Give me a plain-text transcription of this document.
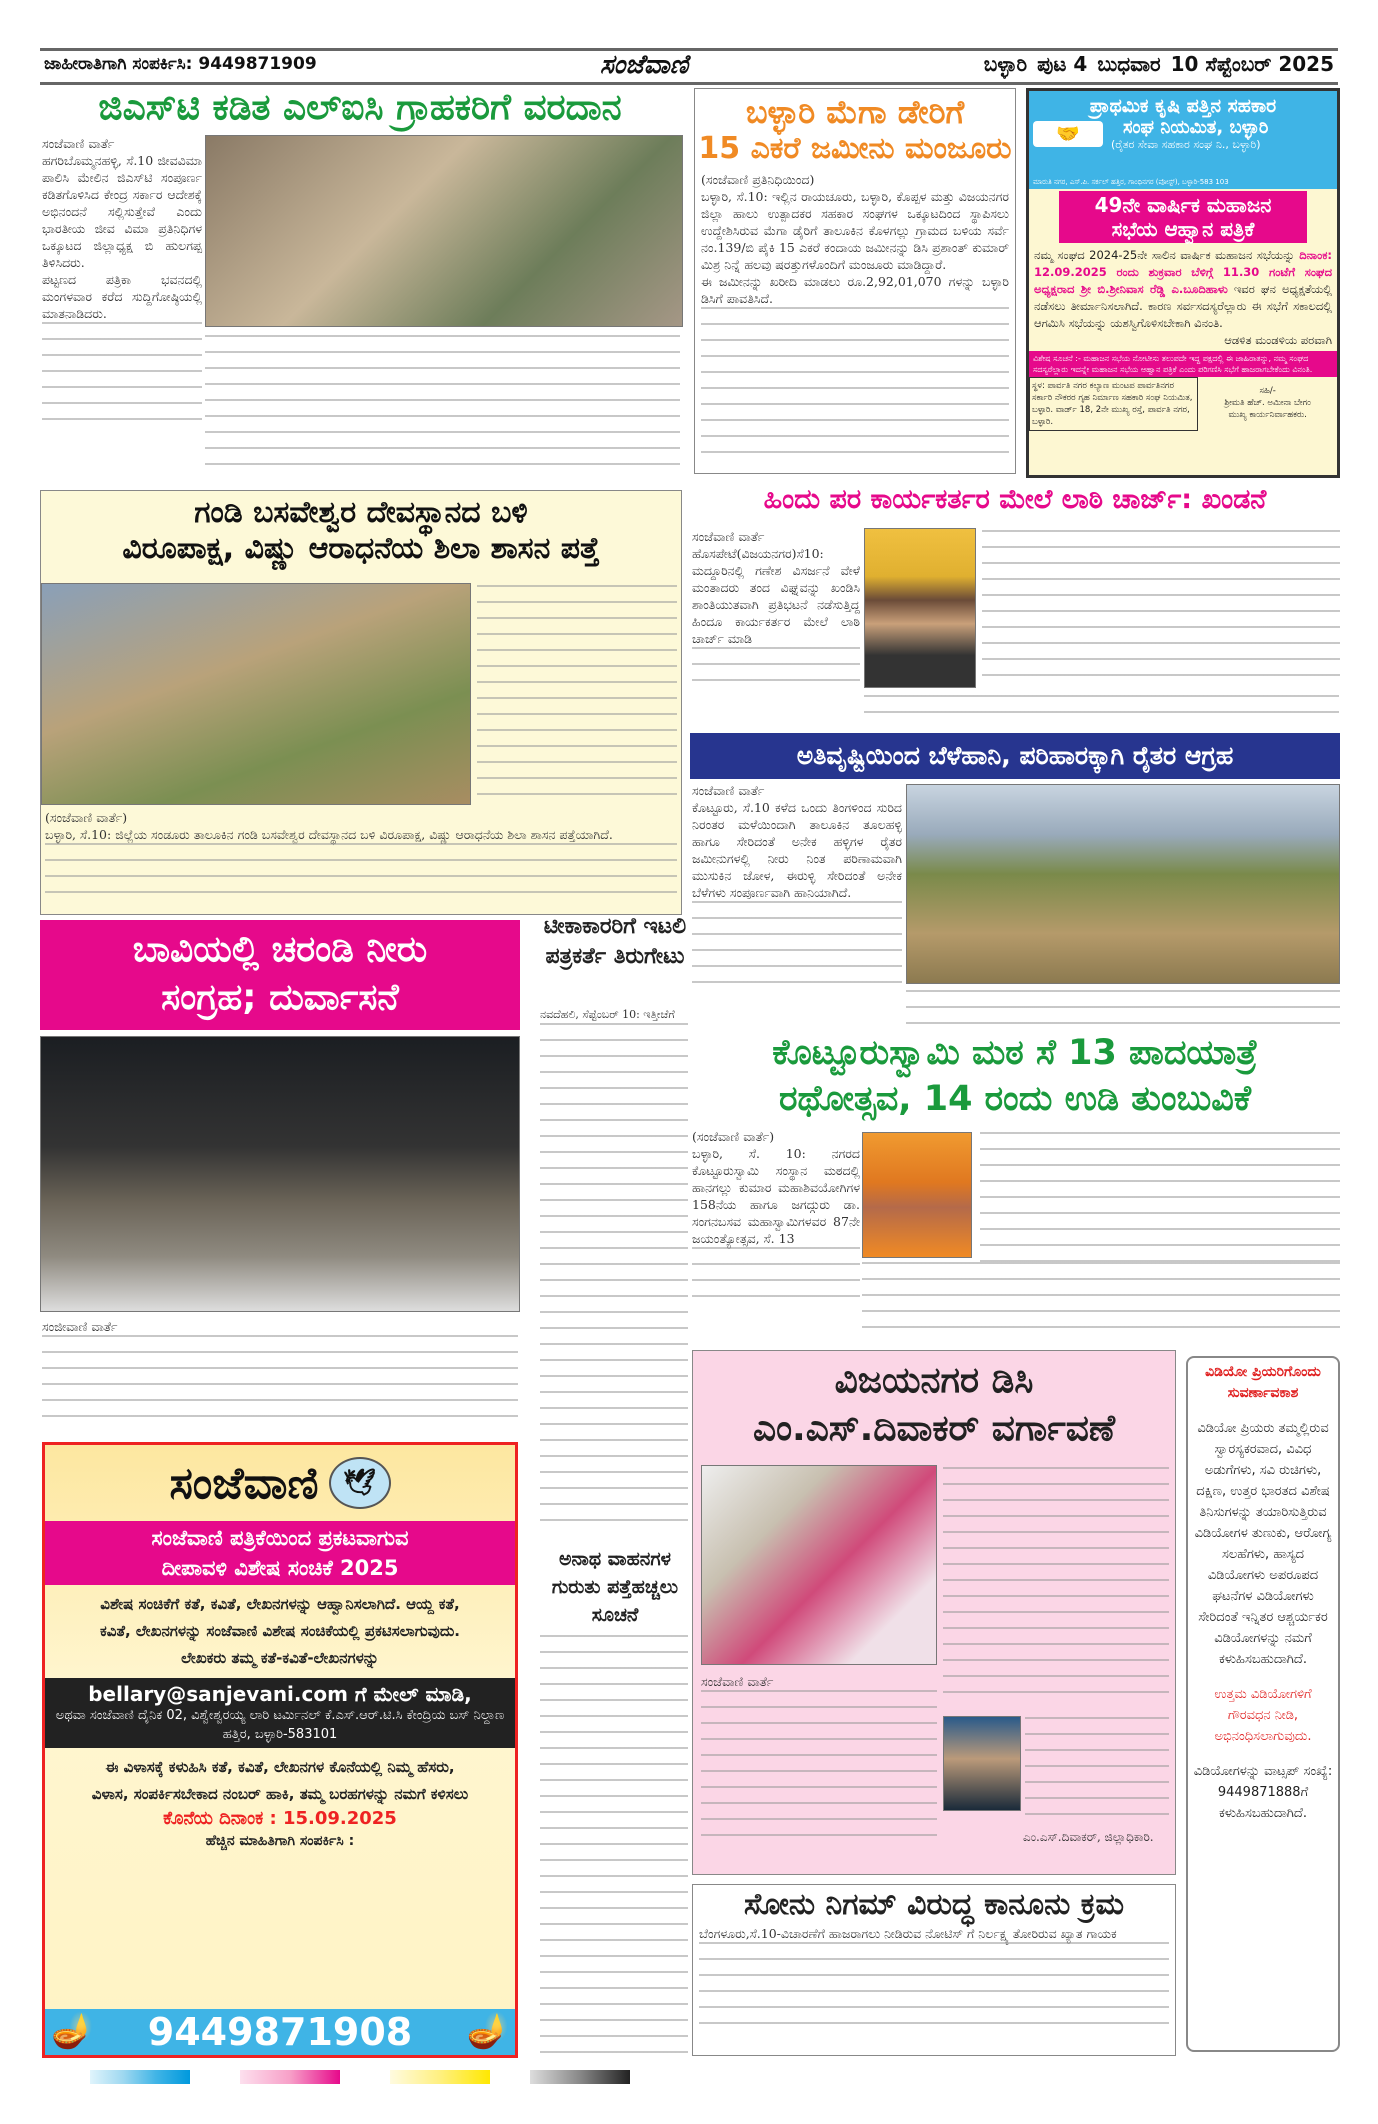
ಜಾಹೀರಾತಿಗಾಗಿ ಸಂಪರ್ಕಿಸಿ: 9449871909	ಸಂಜೆವಾಣಿ	ಬಳ್ಳಾರಿ ಪುಟ 4 ಬುಧವಾರ 10 ಸೆಪ್ಟೆಂಬರ್ 2025
ಜಿಎಸ್‌ಟಿ ಕಡಿತ ಎಲ್‌ಐಸಿ ಗ್ರಾಹಕರಿಗೆ ವರದಾನ
ಸಂಜೆವಾಣಿ ವಾರ್ತೆ

ಹಗರಿಬೊಮ್ಮನಹಳ್ಳಿ, ಸೆ.10 ಜೀವವಿಮಾ ಪಾಲಿಸಿ ಮೇಲಿನ ಜಿಎಸ್‌ಟಿ ಸಂಪೂರ್ಣ ಕಡಿತಗೊಳಿಸಿದ ಕೇಂದ್ರ ಸರ್ಕಾರ ಆದೇಶಕ್ಕೆ ಅಭಿನಂದನೆ ಸಲ್ಲಿಸುತ್ತೇವೆ ಎಂದು ಭಾರತೀಯ ಜೀವ ವಿಮಾ ಪ್ರತಿನಿಧಿಗಳ ಒಕ್ಕೂಟದ ಜಿಲ್ಲಾಧ್ಯಕ್ಷ ಬಿ ಹುಲಗಪ್ಪ ತಿಳಿಸಿದರು.

ಪಟ್ಟಣದ ಪತ್ರಿಕಾ ಭವನದಲ್ಲಿ ಮಂಗಳವಾರ ಕರೆದ ಸುದ್ದಿಗೋಷ್ಠಿಯಲ್ಲಿ ಮಾತನಾಡಿದರು.

ಬಳ್ಳಾರಿ ಮೆಗಾ ಡೇರಿಗೆ
15 ಎಕರೆ ಜಮೀನು ಮಂಜೂರು
(ಸಂಜೆವಾಣಿ ಪ್ರತಿನಿಧಿಯಿಂದ)

ಬಳ್ಳಾರಿ, ಸೆ.10: ಇಲ್ಲಿನ ರಾಯಚೂರು, ಬಳ್ಳಾರಿ, ಕೊಪ್ಪಳ ಮತ್ತು ವಿಜಯನಗರ ಜಿಲ್ಲಾ ಹಾಲು ಉತ್ಪಾದಕರ ಸಹಕಾರ ಸಂಘಗಳ ಒಕ್ಕೂಟದಿಂದ ಸ್ಥಾಪಿಸಲು ಉದ್ದೇಶಿಸಿರುವ ಮೆಗಾ ಡೈರಿಗೆ ತಾಲೂಕಿನ ಕೊಳಗಲ್ಲು ಗ್ರಾಮದ ಬಳಿಯ ಸರ್ವೆ ನಂ.139/ಬಿ ಪೈಕಿ 15 ಎಕರೆ ಕಂದಾಯ ಜಮೀನನ್ನು ಡಿಸಿ ಪ್ರಶಾಂತ್ ಕುಮಾರ್ ಮಿಶ್ರ ನಿನ್ನೆ ಹಲವು ಷರತ್ತುಗಳೊಂದಿಗೆ ಮಂಜೂರು ಮಾಡಿದ್ದಾರೆ.

ಈ ಜಮೀನನ್ನು ಖರೀದಿ ಮಾಡಲು ರೂ.2,92,01,070 ಗಳನ್ನು ಬಳ್ಳಾರಿ ಡಿಸಿಗೆ ಪಾವತಿಸಿದೆ.

ಪ್ರಾಥಮಿಕ ಕೃಷಿ ಪತ್ತಿನ ಸಹಕಾರ
ಸಂಘ ನಿಯಮಿತ, ಬಳ್ಳಾರಿ
(ರೈತರ ಸೇವಾ ಸಹಕಾರ ಸಂಘ ನಿ., ಬಳ್ಳಾರಿ)
🤝
ಮಾರುತಿ ನಗರ, ಎಸ್.ಪಿ. ಸರ್ಕಲ್ ಹತ್ತಿರ, ಗಾಂಧಿನಗರ (ಪೋಸ್ಟ್), ಬಳ್ಳಾರಿ-583 103
49ನೇ ವಾರ್ಷಿಕ ಮಹಾಜನ
ಸಭೆಯ ಆಹ್ವಾನ ಪತ್ರಿಕೆ
ನಮ್ಮ ಸಂಘದ 2024-25ನೇ ಸಾಲಿನ ವಾರ್ಷಿಕ ಮಹಾಜನ ಸಭೆಯನ್ನು ದಿನಾಂಕ: 12.09.2025 ರಂದು ಶುಕ್ರವಾರ ಬೆಳಿಗ್ಗೆ 11.30 ಗಂಟೆಗೆ ಸಂಘದ ಅಧ್ಯಕ್ಷರಾದ ಶ್ರೀ ಬಿ.ಶ್ರೀನಿವಾಸ ರೆಡ್ಡಿ ಎ.ಬೂದಿಹಾಳು ಇವರ ಘನ ಅಧ್ಯಕ್ಷತೆಯಲ್ಲಿ ನಡೆಸಲು ತೀರ್ಮಾನಿಸಲಾಗಿದೆ. ಕಾರಣ ಸರ್ವಸದಸ್ಯರೆಲ್ಲಾರು ಈ ಸಭೆಗೆ ಸಕಾಲದಲ್ಲಿ ಆಗಮಿಸಿ ಸಭೆಯನ್ನು ಯಶಸ್ವಿಗೊಳಿಸಬೇಕಾಗಿ ವಿನಂತಿ.
ಆಡಳಿತ ಮಂಡಳಿಯ ಪರವಾಗಿ
ವಿಶೇಷ ಸೂಚನೆ :- ಮಹಾಜನ ಸಭೆಯ ನೋಟೀಸು ತಲುಪದೇ ಇದ್ದ ಪಕ್ಷದಲ್ಲಿ ಈ ಜಾಹಿರಾತನ್ನು, ನಮ್ಮ ಸಂಘದ ಸದಸ್ಯರೆಲ್ಲಾರು ಇದನ್ನೇ ಮಹಾಜನ ಸಭೆಯ ಆಹ್ವಾನ ಪತ್ರಿಕೆ ಎಂದು ಪರಿಗಣಿಸಿ ಸಭೆಗೆ ಹಾಜರಾಗಬೇಕೆಂದು ವಿನಂತಿ.
ಸ್ಥಳ: ಪಾರ್ವತಿ ನಗರ ಕಲ್ಯಾಣ ಮಂಟಪ ಪಾರ್ವತಿನಗರ ಸರ್ಕಾರಿ ನೌಕರರ ಗೃಹ ನಿರ್ಮಾಣ ಸಹಕಾರಿ ಸಂಘ ನಿಯಮಿತ, ಬಳ್ಳಾರಿ. ವಾರ್ಡ್ 18, 2ನೇ ಮುಖ್ಯ ರಸ್ತೆ, ಪಾರ್ವತಿ ನಗರ, ಬಳ್ಳಾರಿ.
ಸಹಿ/-
ಶ್ರೀಮತಿ ಹೆಚ್. ಅಮೀನಾ ಬೇಗಂ
ಮುಖ್ಯ ಕಾರ್ಯನಿರ್ವಾಹಕರು.
ಗಂಡಿ ಬಸವೇಶ್ವರ ದೇವಸ್ಥಾನದ ಬಳಿ
ವಿರೂಪಾಕ್ಷ, ವಿಷ್ಣು ಆರಾಧನೆಯ ಶಿಲಾ ಶಾಸನ ಪತ್ತೆ
(ಸಂಜೆವಾಣಿ ವಾರ್ತೆ)

ಬಳ್ಳಾರಿ, ಸೆ.10: ಜಿಲ್ಲೆಯ ಸಂಡೂರು ತಾಲೂಕಿನ ಗಂಡಿ ಬಸವೇಶ್ವರ ದೇವಸ್ಥಾನದ ಬಳಿ ವಿರೂಪಾಕ್ಷ, ವಿಷ್ಣು ಆರಾಧನೆಯ ಶಿಲಾ ಶಾಸನ ಪತ್ತೆಯಾಗಿದೆ.

ಹಿಂದು ಪರ ಕಾರ್ಯಕರ್ತರ ಮೇಲೆ ಲಾಠಿ ಚಾರ್ಜ್: ಖಂಡನೆ
ಸಂಜೆವಾಣಿ ವಾರ್ತೆ

ಹೊಸಪೇಟೆ(ವಿಜಯನಗರ)ಸೆ10: ಮದ್ದೂರಿನಲ್ಲಿ ಗಣೇಶ ವಿಸರ್ಜನೆ ವೇಳೆ ಮಂತಾದರು ತಂದ ವಿಘ್ನವನ್ನು ಖಂಡಿಸಿ ಶಾಂತಿಯುತವಾಗಿ ಪ್ರತಿಭಟನೆ ನಡೆಸುತ್ತಿದ್ದ ಹಿಂದೂ ಕಾರ್ಯಕರ್ತರ ಮೇಲೆ ಲಾಠಿ ಚಾರ್ಜ್ ಮಾಡಿ

ಅತಿವೃಷ್ಟಿಯಿಂದ ಬೆಳೆಹಾನಿ, ಪರಿಹಾರಕ್ಕಾಗಿ ರೈತರ ಆಗ್ರಹ
ಸಂಜೆವಾಣಿ ವಾರ್ತೆ

ಕೊಟ್ಟೂರು, ಸೆ.10 ಕಳೆದ ಒಂದು ತಿಂಗಳಿಂದ ಸುರಿದ ನಿರಂತರ ಮಳೆಯಿಂದಾಗಿ ತಾಲೂಕಿನ ತೂಲಹಳ್ಳಿ ಹಾಗೂ ಸೇರಿದಂತೆ ಅನೇಕ ಹಳ್ಳಿಗಳ ರೈತರ ಜಮೀನುಗಳಲ್ಲಿ ನೀರು ನಿಂತ ಪರಿಣಾಮವಾಗಿ ಮುಸುಕಿನ ಜೋಳ, ಈರುಳ್ಳಿ ಸೇರಿದಂತೆ ಅನೇಕ ಬೆಳೆಗಳು ಸಂಪೂರ್ಣವಾಗಿ ಹಾನಿಯಾಗಿದೆ.

ಬಾವಿಯಲ್ಲಿ ಚರಂಡಿ ನೀರು
ಸಂಗ್ರಹ; ದುರ್ವಾಸನೆ
ಸಂಜೀವಾಣಿ ವಾರ್ತೆ
ಟೀಕಾಕಾರರಿಗೆ ಇಟಲಿ ಪತ್ರಕರ್ತೆ ತಿರುಗೇಟು

ನವದೆಹಲಿ, ಸೆಪ್ಟೆಂಬರ್ 10: ಇತ್ತೀಚೆಗೆ

ಅನಾಥ ವಾಹನಗಳ ಗುರುತು ಪತ್ತೆಹಚ್ಚಲು ಸೂಚನೆ
ಕೊಟ್ಟೂರುಸ್ವಾಮಿ ಮಠ ಸೆ 13 ಪಾದಯಾತ್ರೆ
ರಥೋತ್ಸವ, 14 ರಂದು ಉಡಿ ತುಂಬುವಿಕೆ
(ಸಂಜೆವಾಣಿ ವಾರ್ತೆ)

ಬಳ್ಳಾರಿ, ಸೆ. 10: ನಗರದ ಕೊಟ್ಟೂರುಸ್ವಾಮಿ ಸಂಸ್ಥಾನ ಮಠದಲ್ಲಿ ಹಾನಗಲ್ಲು ಕುಮಾರ ಮಹಾಶಿವಯೋಗಿಗಳ 158ನೆಯ ಹಾಗೂ ಜಗದ್ಗುರು ಡಾ. ಸಂಗನಬಸವ ಮಹಾಸ್ವಾಮಿಗಳವರ 87ನೇ ಜಯಂತ್ಯೋತ್ಸವ, ಸೆ. 13

ವಿಜಯನಗರ ಡಿಸಿ
ಎಂ.ಎಸ್.ದಿವಾಕರ್ ವರ್ಗಾವಣೆ
ಸಂಜೆವಾಣಿ ವಾರ್ತೆ
ಎಂ.ಎಸ್.ದಿವಾಕರ್, ಜಿಲ್ಲಾಧಿಕಾರಿ.
ಸೋನು ನಿಗಮ್ ವಿರುದ್ಧ ಕಾನೂನು ಕ್ರಮ

ಬೆಂಗಳೂರು,ಸೆ.10-ವಿಚಾರಣೆಗೆ ಹಾಜರಾಗಲು ನೀಡಿರುವ ನೋಟಿಸ್ ಗೆ ನಿರ್ಲಕ್ಷ್ಯ ತೋರಿರುವ ಖ್ಯಾತ ಗಾಯಕ

ವಿಡಿಯೋ ಪ್ರಿಯರಿಗೊಂದು ಸುವರ್ಣಾವಕಾಶ
ವಿಡಿಯೋ ಪ್ರಿಯರು ತಮ್ಮಲ್ಲಿರುವ ಸ್ವಾರಸ್ಯಕರವಾದ, ವಿವಿಧ ಅಡುಗೆಗಳು, ಸವಿ ರುಚಿಗಳು, ದಕ್ಷಿಣ, ಉತ್ತರ ಭಾರತದ ವಿಶೇಷ ತಿನಿಸುಗಳನ್ನು ತಯಾರಿಸುತ್ತಿರುವ ವಿಡಿಯೋಗಳ ತುಣುಕು, ಆರೋಗ್ಯ ಸಲಹೆಗಳು, ಹಾಸ್ಯದ ವಿಡಿಯೋಗಳು ಅಪರೂಪದ ಘಟನೆಗಳ ವಿಡಿಯೋಗಳು ಸೇರಿದಂತೆ ಇನ್ನಿತರ ಆಶ್ಚರ್ಯಕರ ವಿಡಿಯೋಗಳನ್ನು ನಮಗೆ ಕಳುಹಿಸಬಹುದಾಗಿದೆ.
ಉತ್ತಮ ವಿಡಿಯೋಗಳಿಗೆ ಗೌರವಧನ ನೀಡಿ, ಅಭಿನಂಧಿಸಲಾಗುವುದು.
ವಿಡಿಯೋಗಳನ್ನು ವಾಟ್ಸಪ್ ಸಂಖ್ಯೆ: 9449871888ಗೆ ಕಳುಹಿಸಬಹುದಾಗಿದೆ.
ಸಂಜೆವಾಣಿ 🕊
ಸಂಜೆವಾಣಿ ಪತ್ರಿಕೆಯಿಂದ ಪ್ರಕಟವಾಗುವ
ದೀಪಾವಳಿ ವಿಶೇಷ ಸಂಚಿಕೆ 2025
ವಿಶೇಷ ಸಂಚಿಕೆಗೆ ಕತೆ, ಕವಿತೆ, ಲೇಖನಗಳನ್ನು ಆಹ್ವಾನಿಸಲಾಗಿದೆ. ಆಯ್ದ ಕತೆ, ಕವಿತೆ, ಲೇಖನಗಳನ್ನು ಸಂಜೆವಾಣಿ ವಿಶೇಷ ಸಂಚಿಕೆಯಲ್ಲಿ ಪ್ರಕಟಿಸಲಾಗುವುದು. ಲೇಖಕರು ತಮ್ಮ ಕತೆ-ಕವಿತೆ-ಲೇಖನಗಳನ್ನು
bellary@sanjevani.com ಗೆ ಮೇಲ್ ಮಾಡಿ,
ಅಥವಾ ಸಂಜೆವಾಣಿ ದೈನಿಕ 02, ವಿಶ್ವೇಶ್ವರಯ್ಯ ಲಾರಿ ಟರ್ಮಿನಲ್ ಕೆ.ಎಸ್.ಆರ್.ಟಿ.ಸಿ ಕೇಂದ್ರಿಯ ಬಸ್ ನಿಲ್ದಾಣ ಹತ್ತಿರ, ಬಳ್ಳಾರಿ-583101
ಈ ವಿಳಾಸಕ್ಕೆ ಕಳುಹಿಸಿ ಕತೆ, ಕವಿತೆ, ಲೇಖನಗಳ ಕೊನೆಯಲ್ಲಿ ನಿಮ್ಮ ಹೆಸರು, ವಿಳಾಸ, ಸಂಪರ್ಕಿಸಬೇಕಾದ ನಂಬರ್ ಹಾಕಿ, ತಮ್ಮ ಬರಹಗಳನ್ನು ನಮಗೆ ಕಳಿಸಲು
ಕೊನೆಯ ದಿನಾಂಕ : 15.09.2025
ಹೆಚ್ಚಿನ ಮಾಹಿತಿಗಾಗಿ ಸಂಪರ್ಕಿಸಿ :
9449871908
🪔	🪔
